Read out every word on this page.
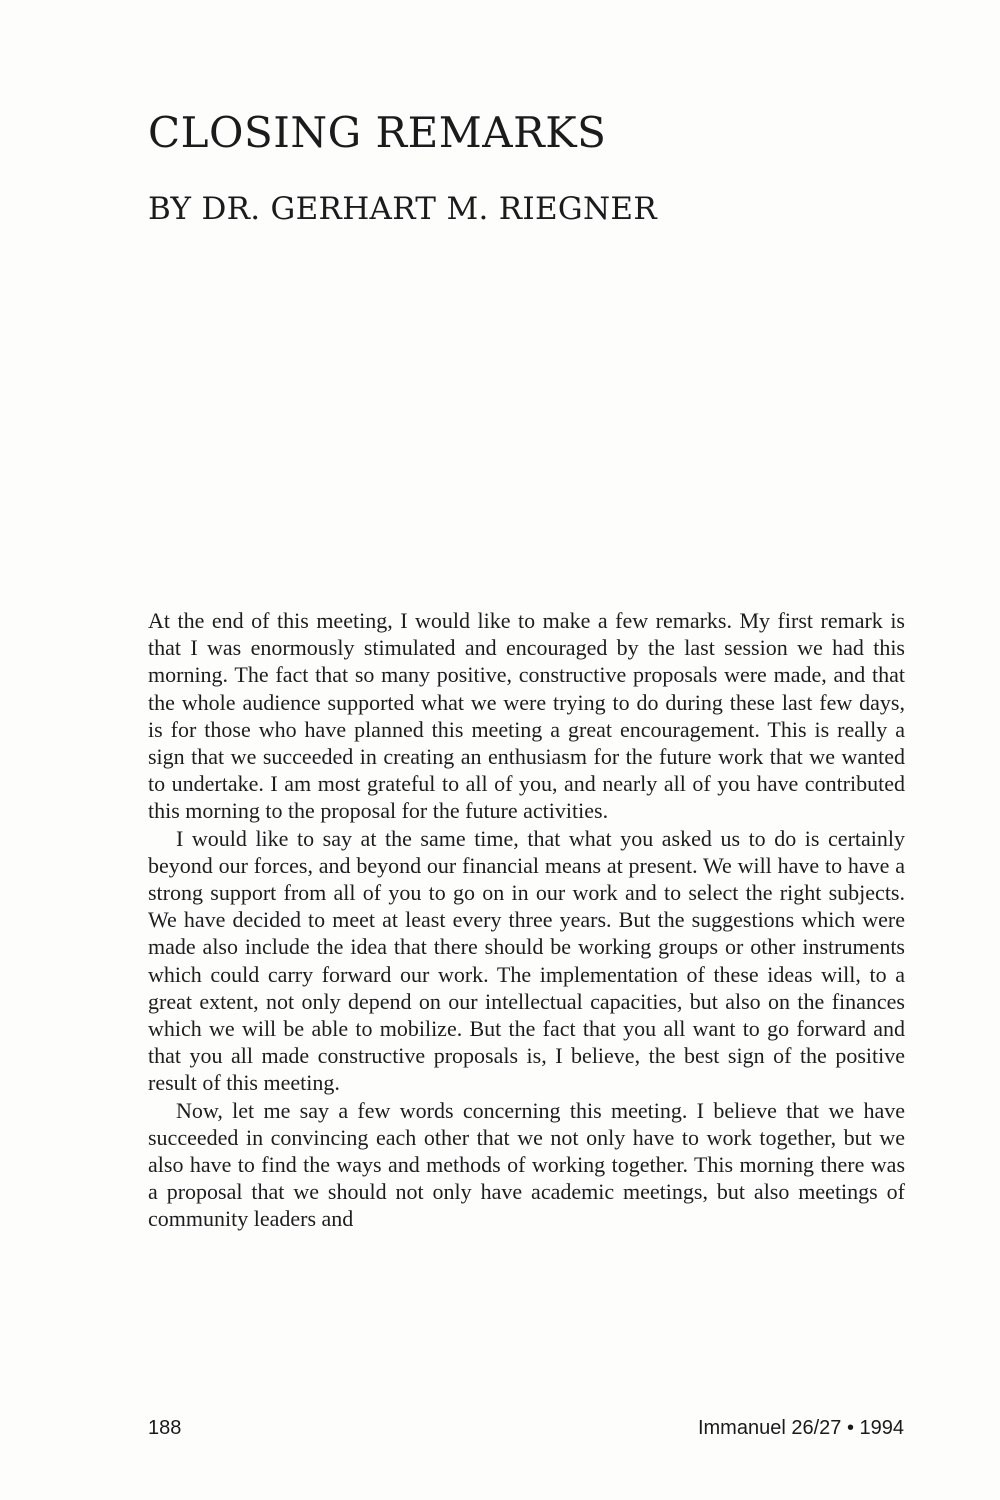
CLOSING REMARKS
BY DR. GERHART M. RIEGNER

At the end of this meeting, I would like to make a few remarks. My first remark is that I was enormously stimulated and encouraged by the last session we had this morning. The fact that so many positive, constructive proposals were made, and that the whole audience supported what we were trying to do during these last few days, is for those who have planned this meeting a great encouragement. This is really a sign that we succeeded in creating an enthusiasm for the future work that we wanted to undertake. I am most grateful to all of you, and nearly all of you have contributed this morning to the proposal for the future activities.

I would like to say at the same time, that what you asked us to do is certainly beyond our forces, and beyond our financial means at present. We will have to have a strong support from all of you to go on in our work and to select the right subjects. We have decided to meet at least every three years. But the suggestions which were made also include the idea that there should be working groups or other instruments which could carry forward our work. The implementation of these ideas will, to a great extent, not only depend on our intellectual capacities, but also on the finances which we will be able to mobilize. But the fact that you all want to go forward and that you all made constructive proposals is, I believe, the best sign of the positive result of this meeting.

Now, let me say a few words concerning this meeting. I believe that we have succeeded in convincing each other that we not only have to work together, but we also have to find the ways and methods of working together. This morning there was a proposal that we should not only have academic meetings, but also meetings of community leaders and

188	Immanuel 26/27 • 1994
